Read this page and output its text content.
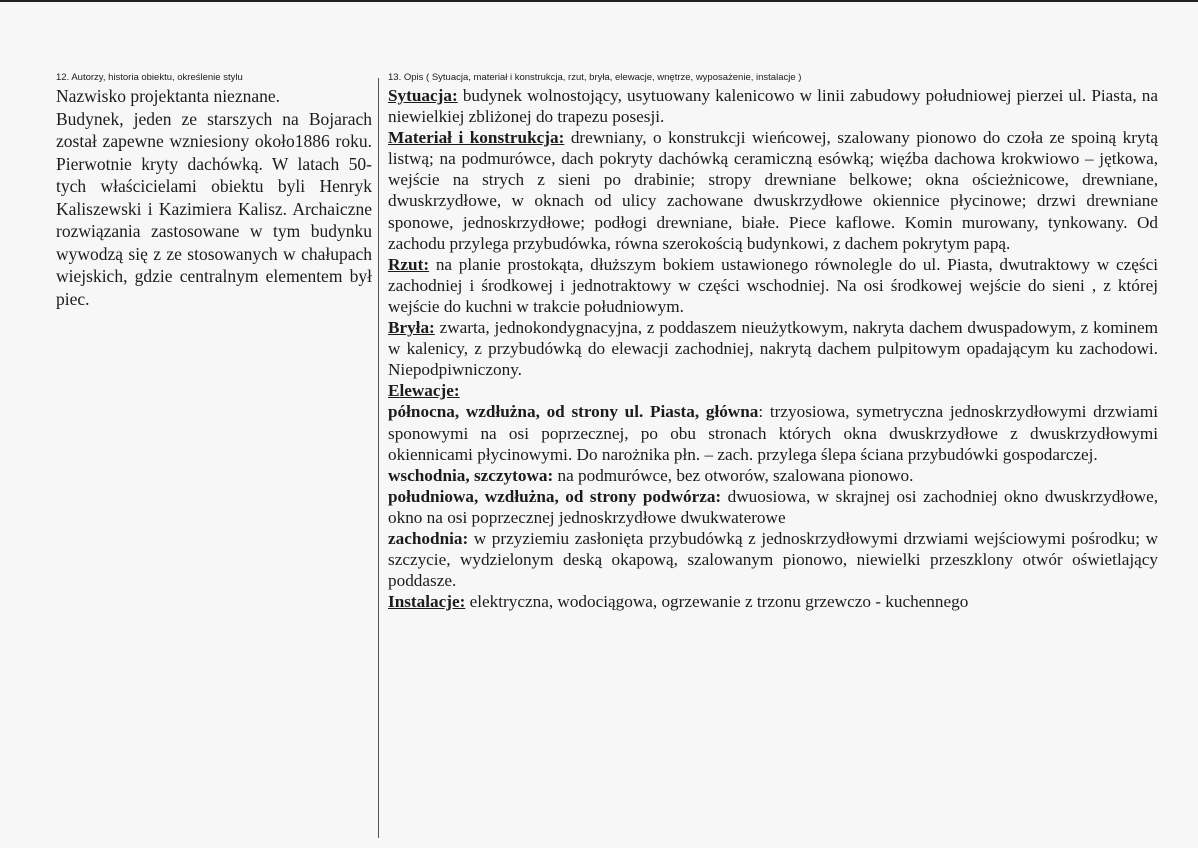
12. Autorzy, historia obiektu, określenie stylu

Nazwisko projektanta nieznane.

Budynek, jeden ze starszych na Bojarach został zapewne wzniesiony około1886 roku. Pierwotnie kryty dachówką. W latach 50-tych właścicielami obiektu byli Henryk Kaliszewski i Kazimiera Kalisz. Archaiczne rozwiązania zastosowane w tym budynku wywodzą się z ze stosowanych w chałupach wiejskich, gdzie centralnym elementem był piec.

13. Opis ( Sytuacja, materiał i konstrukcja, rzut, bryła, elewacje, wnętrze, wyposażenie, instalacje )

Sytuacja: budynek wolnostojący, usytuowany kalenicowo w linii zabudowy południowej pierzei ul. Piasta, na niewielkiej zbliżonej do trapezu posesji.

Materiał i konstrukcja: drewniany, o konstrukcji wieńcowej, szalowany pionowo do czoła ze spoiną krytą listwą; na podmurówce, dach pokryty dachówką ceramiczną esówką; więźba dachowa krokwiowo – jętkowa, wejście na strych z sieni po drabinie; stropy drewniane belkowe; okna ościeżnicowe, drewniane, dwuskrzydłowe, w oknach od ulicy zachowane dwuskrzydłowe okiennice płycinowe; drzwi drewniane sponowe, jednoskrzydłowe; podłogi drewniane, białe. Piece kaflowe. Komin murowany, tynkowany. Od zachodu przylega przybudówka, równa szerokością budynkowi, z dachem pokrytym papą.

Rzut: na planie prostokąta, dłuższym bokiem ustawionego równolegle do ul. Piasta, dwutraktowy w części zachodniej i środkowej i jednotraktowy w części wschodniej. Na osi środkowej wejście do sieni , z której wejście do kuchni w trakcie południowym.

Bryła: zwarta, jednokondygnacyjna, z poddaszem nieużytkowym, nakryta dachem dwuspadowym, z kominem w kalenicy, z przybudówką do elewacji zachodniej, nakrytą dachem pulpitowym opadającym ku zachodowi. Niepodpiwniczony.

Elewacje:

północna, wzdłużna, od strony ul. Piasta, główna: trzyosiowa, symetryczna jednoskrzydłowymi drzwiami sponowymi na osi poprzecznej, po obu stronach których okna dwuskrzydłowe z dwuskrzydłowymi okiennicami płycinowymi. Do narożnika płn. – zach. przylega ślepa ściana przybudówki gospodarczej.

wschodnia, szczytowa: na podmurówce, bez otworów, szalowana pionowo.

południowa, wzdłużna, od strony podwórza: dwuosiowa, w skrajnej osi zachodniej okno dwuskrzydłowe, okno na osi poprzecznej jednoskrzydłowe dwukwaterowe

zachodnia: w przyziemiu zasłonięta przybudówką z jednoskrzydłowymi drzwiami wejściowymi pośrodku; w szczycie, wydzielonym deską okapową, szalowanym pionowo, niewielki przeszklony otwór oświetlający poddasze.

Instalacje: elektryczna, wodociągowa, ogrzewanie z trzonu grzewczo - kuchennego
